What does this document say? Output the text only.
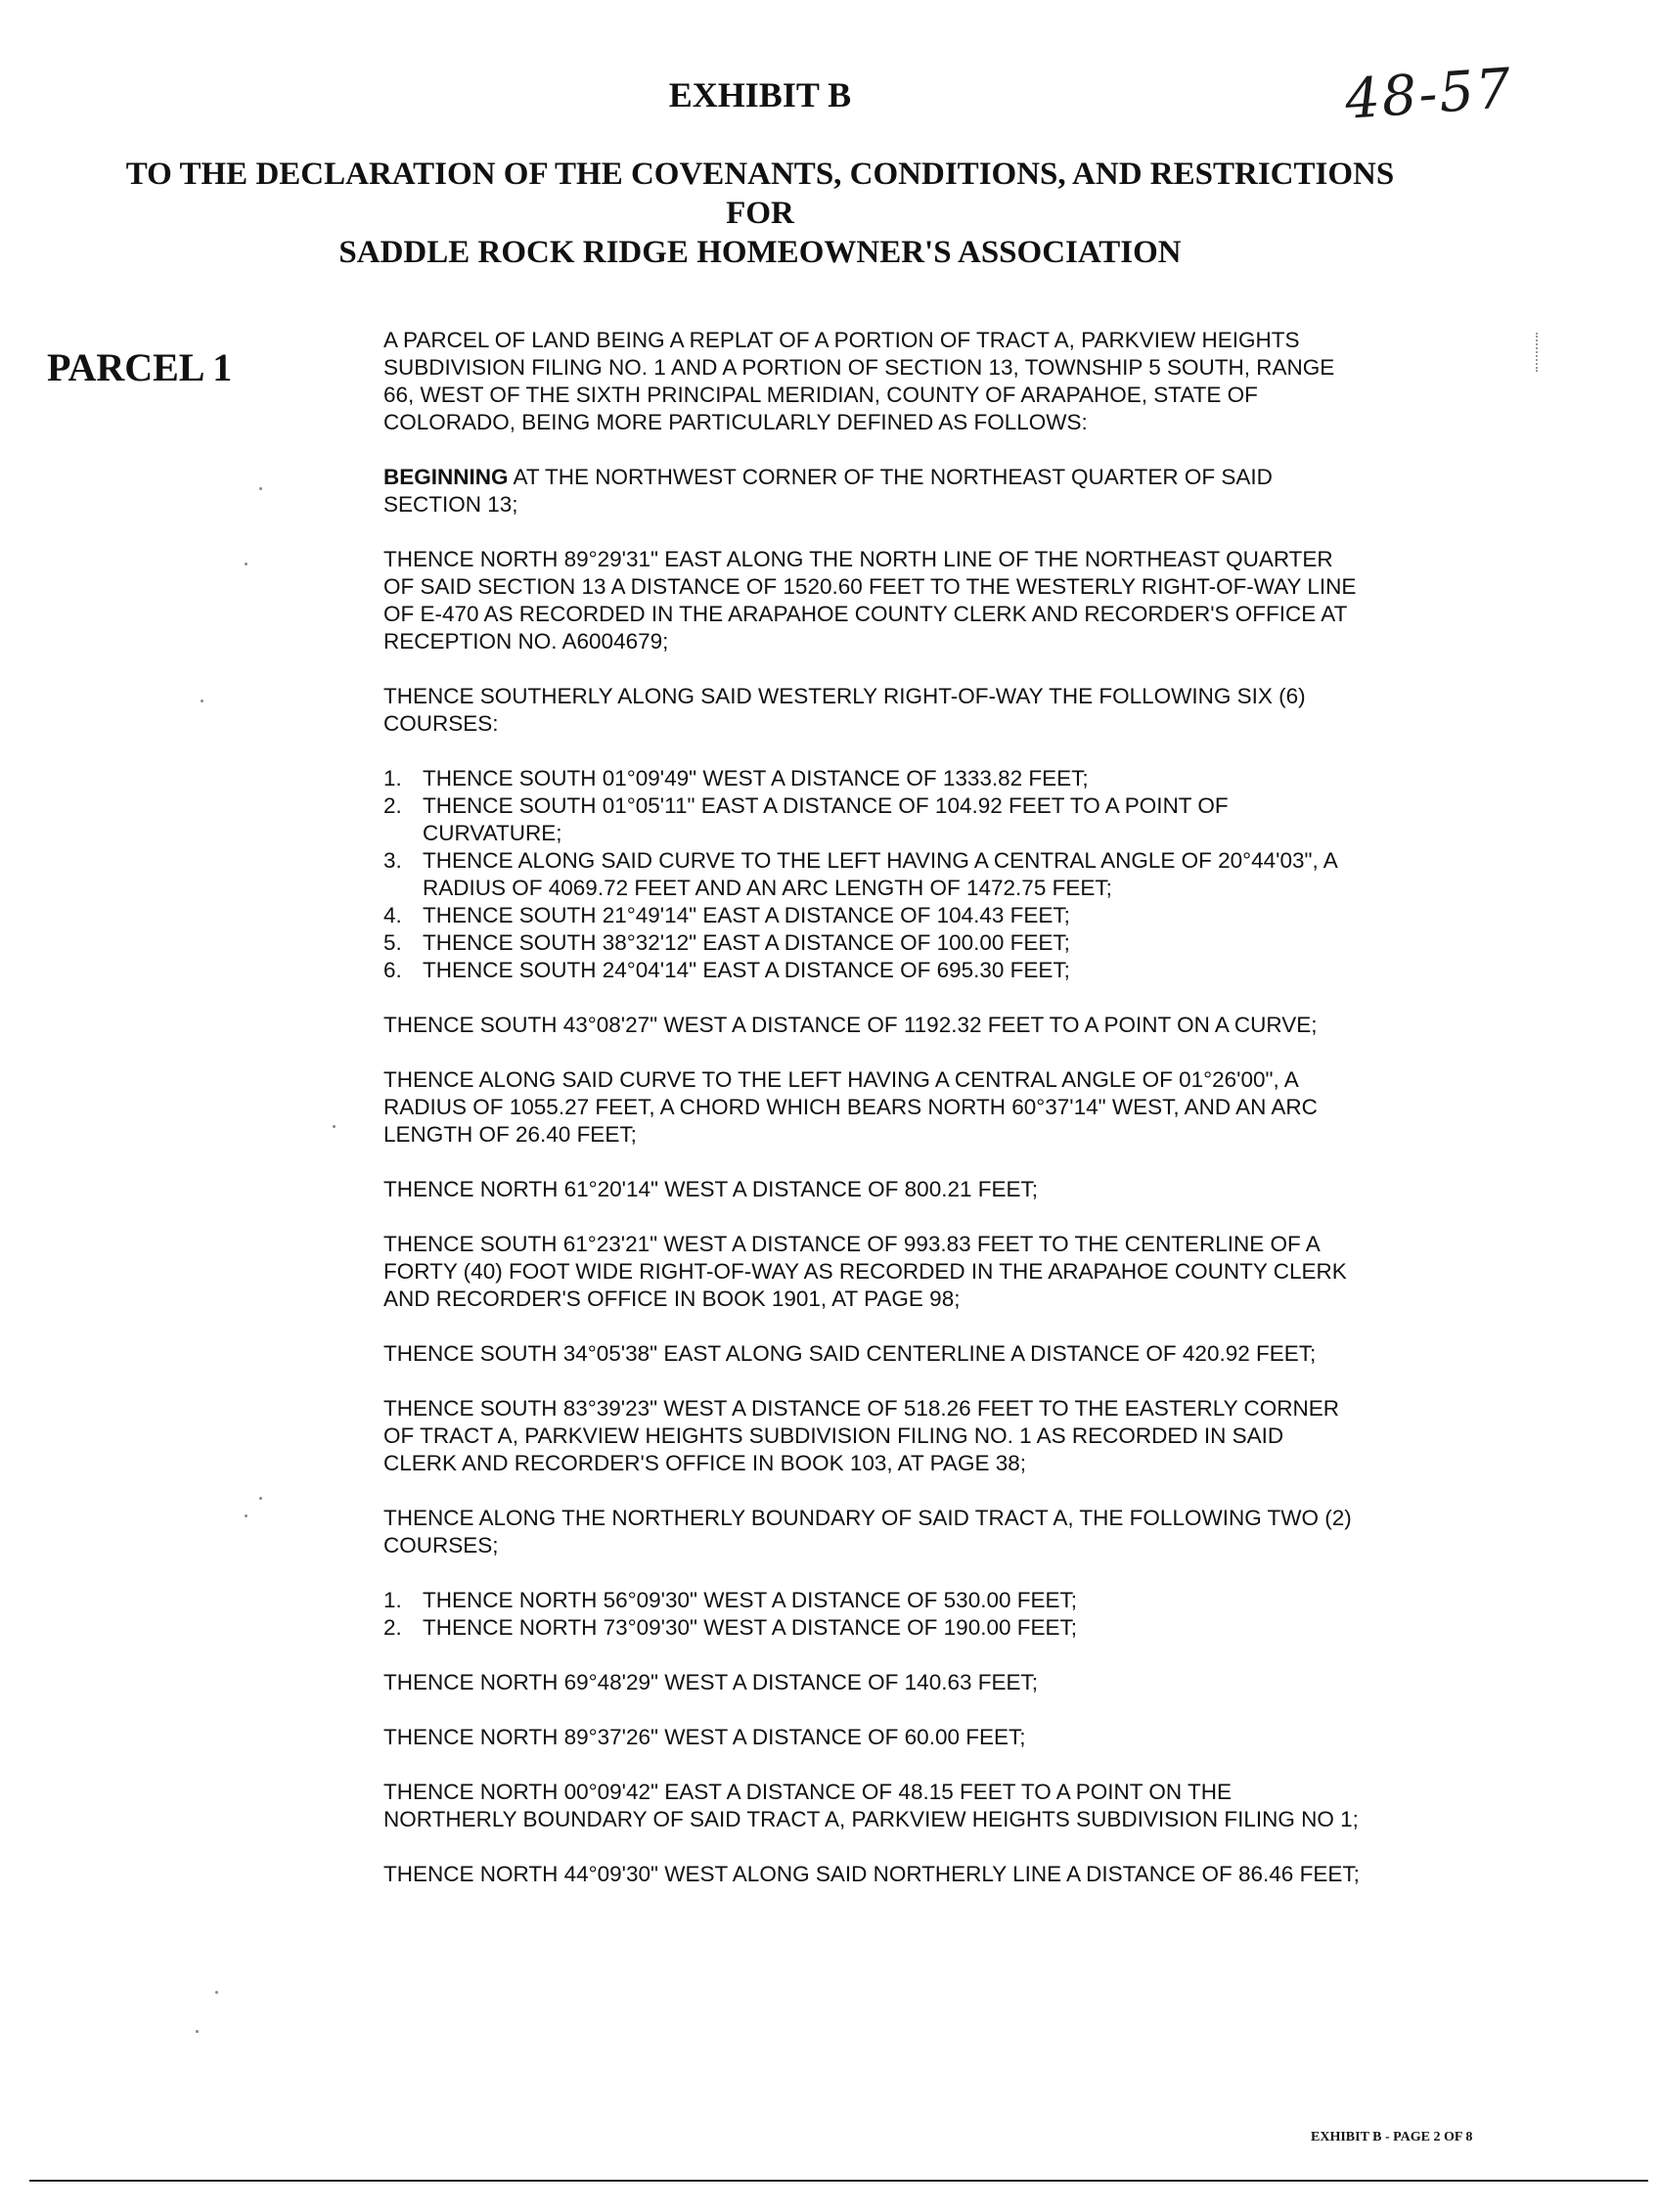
EXHIBIT B	48-57
TO THE DECLARATION OF THE COVENANTS, CONDITIONS, AND RESTRICTIONS
FOR
SADDLE ROCK RIDGE HOMEOWNER'S ASSOCIATION
PARCEL 1

A PARCEL OF LAND BEING A REPLAT OF A PORTION OF TRACT A, PARKVIEW HEIGHTS SUBDIVISION FILING NO. 1 AND A PORTION OF SECTION 13, TOWNSHIP 5 SOUTH, RANGE 66, WEST OF THE SIXTH PRINCIPAL MERIDIAN, COUNTY OF ARAPAHOE, STATE OF COLORADO, BEING MORE PARTICULARLY DEFINED AS FOLLOWS:

BEGINNING AT THE NORTHWEST CORNER OF THE NORTHEAST QUARTER OF SAID SECTION 13;

THENCE NORTH 89°29'31" EAST ALONG THE NORTH LINE OF THE NORTHEAST QUARTER OF SAID SECTION 13 A DISTANCE OF 1520.60 FEET TO THE WESTERLY RIGHT-OF-WAY LINE OF E-470 AS RECORDED IN THE ARAPAHOE COUNTY CLERK AND RECORDER'S OFFICE AT RECEPTION NO. A6004679;

THENCE SOUTHERLY ALONG SAID WESTERLY RIGHT-OF-WAY THE FOLLOWING SIX (6) COURSES:

1. THENCE SOUTH 01°09'49" WEST A DISTANCE OF 1333.82 FEET;
2. THENCE SOUTH 01°05'11" EAST A DISTANCE OF 104.92 FEET TO A POINT OF CURVATURE;
3. THENCE ALONG SAID CURVE TO THE LEFT HAVING A CENTRAL ANGLE OF 20°44'03", A RADIUS OF 4069.72 FEET AND AN ARC LENGTH OF 1472.75 FEET;
4. THENCE SOUTH 21°49'14" EAST A DISTANCE OF 104.43 FEET;
5. THENCE SOUTH 38°32'12" EAST A DISTANCE OF 100.00 FEET;
6. THENCE SOUTH 24°04'14" EAST A DISTANCE OF 695.30 FEET;

THENCE SOUTH 43°08'27" WEST A DISTANCE OF 1192.32 FEET TO A POINT ON A CURVE;

THENCE ALONG SAID CURVE TO THE LEFT HAVING A CENTRAL ANGLE OF 01°26'00", A RADIUS OF 1055.27 FEET, A CHORD WHICH BEARS NORTH 60°37'14" WEST, AND AN ARC LENGTH OF 26.40 FEET;

THENCE NORTH 61°20'14" WEST A DISTANCE OF 800.21 FEET;

THENCE SOUTH 61°23'21" WEST A DISTANCE OF 993.83 FEET TO THE CENTERLINE OF A FORTY (40) FOOT WIDE RIGHT-OF-WAY AS RECORDED IN THE ARAPAHOE COUNTY CLERK AND RECORDER'S OFFICE IN BOOK 1901, AT PAGE 98;

THENCE SOUTH 34°05'38" EAST ALONG SAID CENTERLINE A DISTANCE OF 420.92 FEET;

THENCE SOUTH 83°39'23" WEST A DISTANCE OF 518.26 FEET TO THE EASTERLY CORNER OF TRACT A, PARKVIEW HEIGHTS SUBDIVISION FILING NO. 1 AS RECORDED IN SAID CLERK AND RECORDER'S OFFICE IN BOOK 103, AT PAGE 38;

THENCE ALONG THE NORTHERLY BOUNDARY OF SAID TRACT A, THE FOLLOWING TWO (2) COURSES;

1. THENCE NORTH 56°09'30" WEST A DISTANCE OF 530.00 FEET;
2. THENCE NORTH 73°09'30" WEST A DISTANCE OF 190.00 FEET;

THENCE NORTH 69°48'29" WEST A DISTANCE OF 140.63 FEET;

THENCE NORTH 89°37'26" WEST A DISTANCE OF 60.00 FEET;

THENCE NORTH 00°09'42" EAST A DISTANCE OF 48.15 FEET TO A POINT ON THE NORTHERLY BOUNDARY OF SAID TRACT A, PARKVIEW HEIGHTS SUBDIVISION FILING NO 1;

THENCE NORTH 44°09'30" WEST ALONG SAID NORTHERLY LINE A DISTANCE OF 86.46 FEET;

EXHIBIT B - PAGE 2 OF 8
